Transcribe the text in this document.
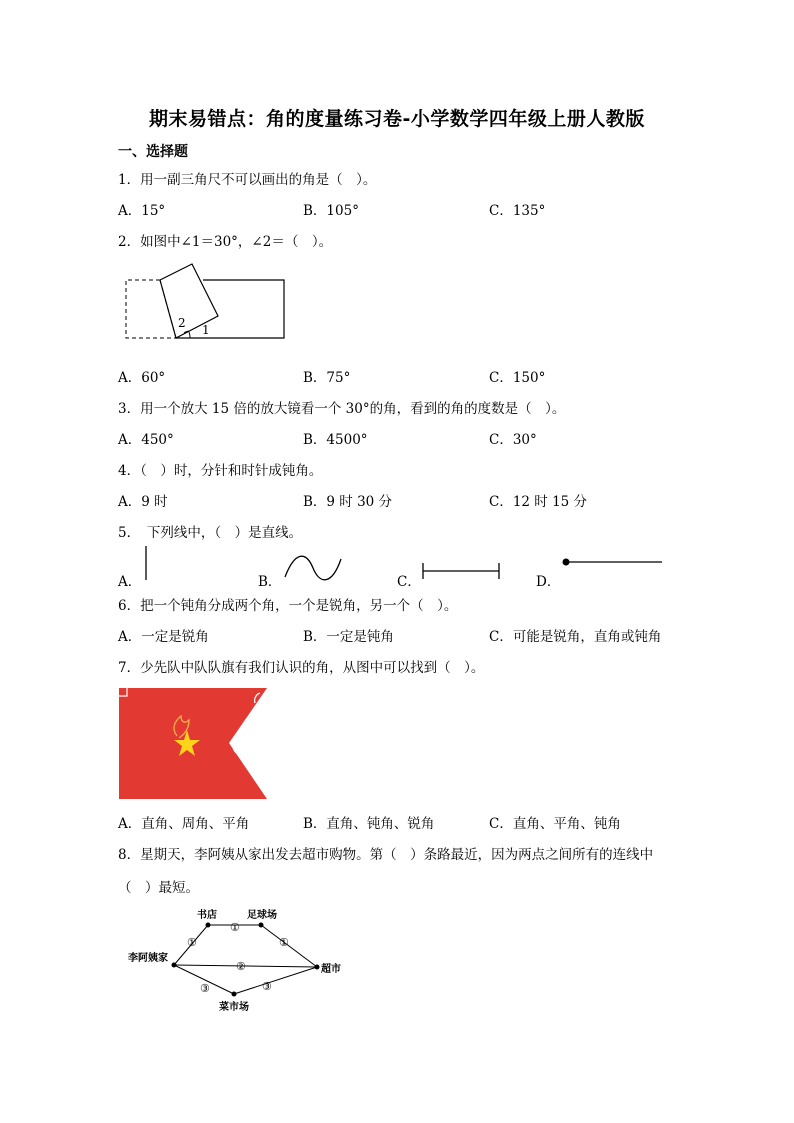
期末易错点：角的度量练习卷-小学数学四年级上册人教版
一、选择题
1．用一副三角尺不可以画出的角是（　）。
A．15°	B．105°	C．135°
2．如图中∠1＝30°，∠2＝（　）。
2 1
A．60°	B．75°	C．150°
3．用一个放大 15 倍的放大镜看一个 30°的角，看到的角的度数是（　）。
A．450°	B．4500°	C．30°
4．（　）时，分针和时针成钝角。
A．9 时	B．9 时 30 分	C．12 时 15 分
5．　下列线中，（　）是直线。
A．	B．	C．	D．
6．把一个钝角分成两个角，一个是锐角，另一个（　）。
A．一定是锐角	B．一定是钝角	C．可能是锐角，直角或钝角
7．少先队中队队旗有我们认识的角，从图中可以找到（　）。
A．直角、周角、平角	B．直角、钝角、锐角	C．直角、平角、钝角
8．星期天，李阿姨从家出发去超市购物。第（　）条路最近，因为两点之间所有的连线中
（　）最短。
李阿姨家
书店	足球场
超市
菜市场
①
①
①
②
③	③
